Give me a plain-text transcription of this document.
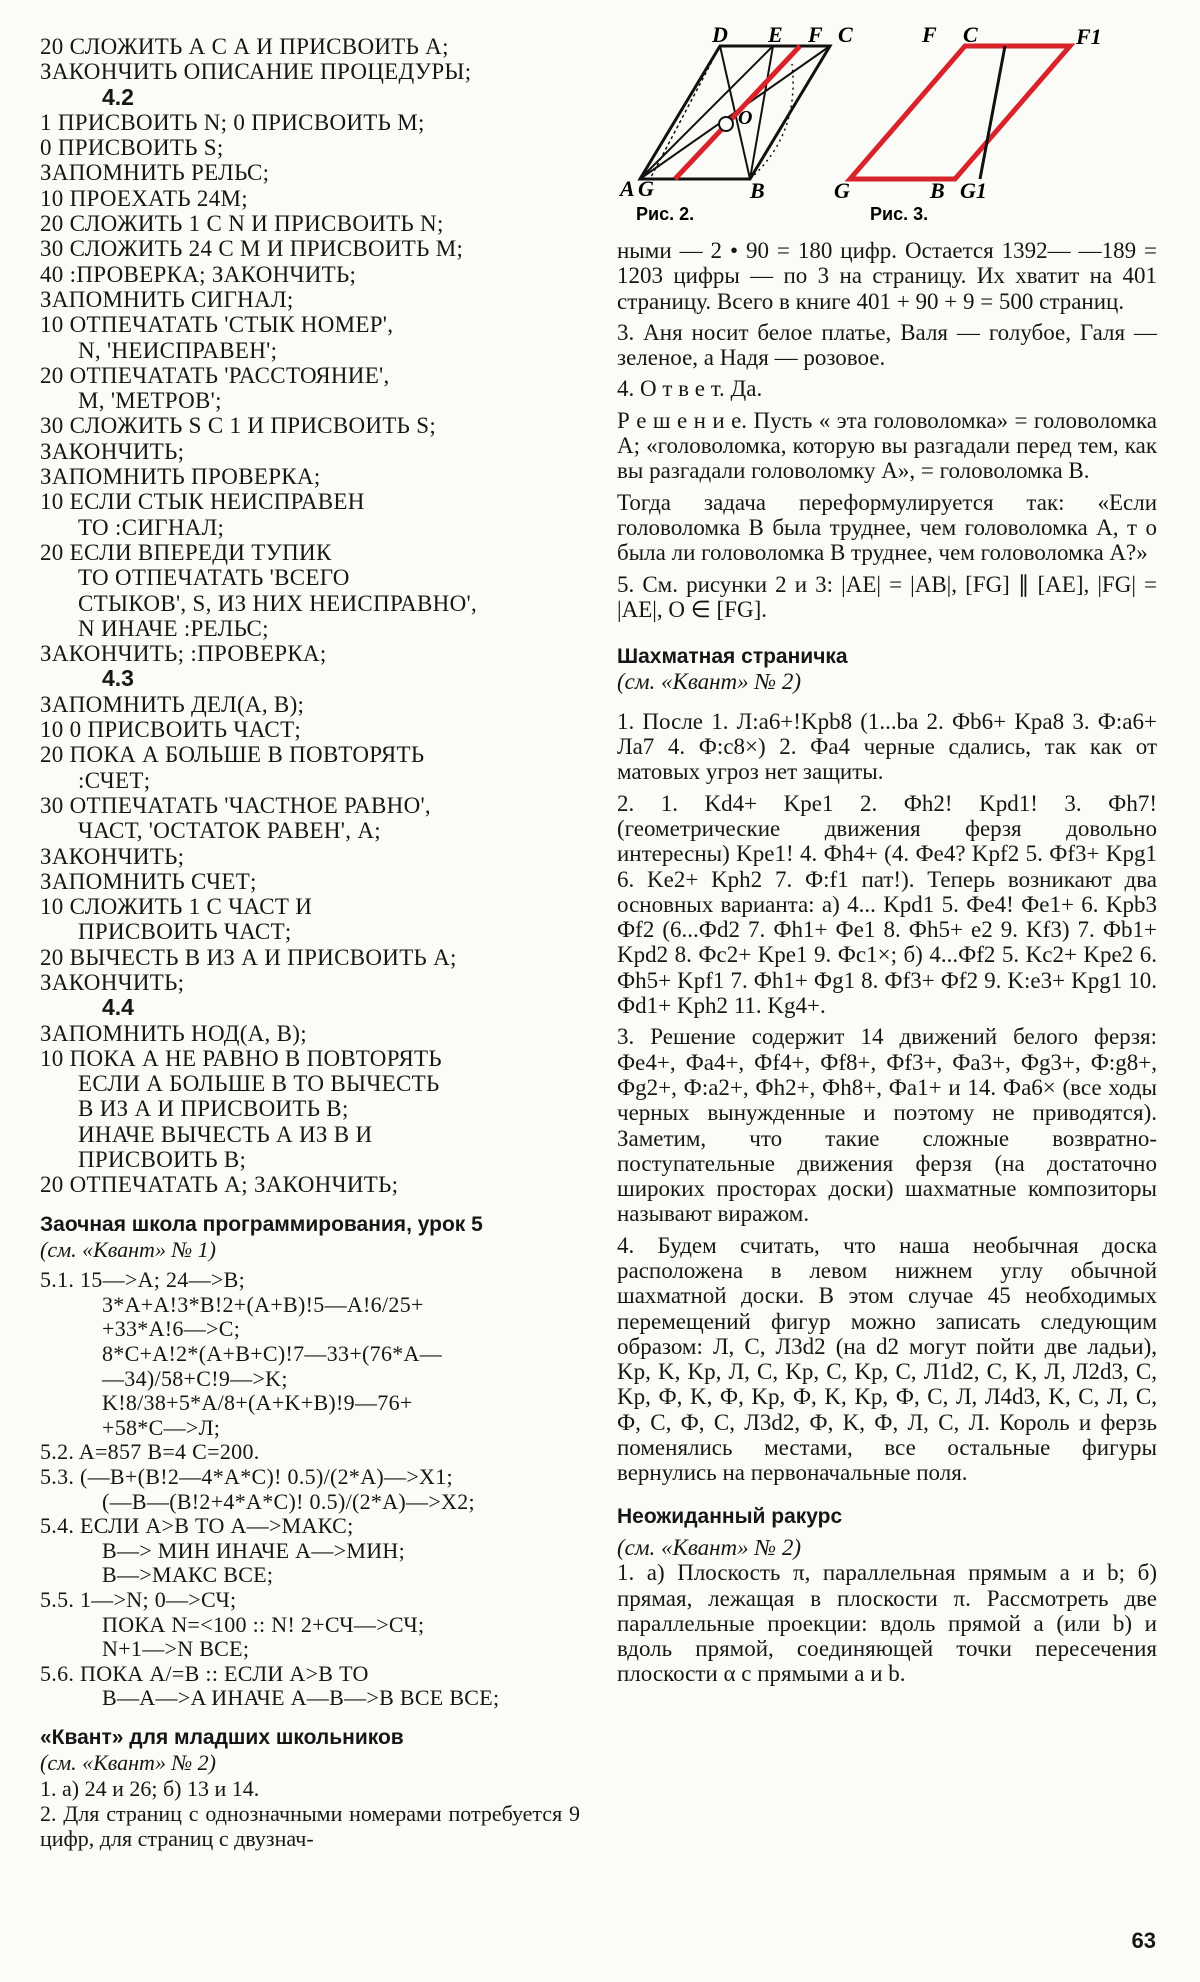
20 СЛОЖИТЬ А С А И ПРИСВОИТЬ А;
ЗАКОНЧИТЬ ОПИСАНИЕ ПРОЦЕДУРЫ;
4.2
1 ПРИСВОИТЬ N; 0 ПРИСВОИТЬ M;
0 ПРИСВОИТЬ S;
ЗАПОМНИТЬ РЕЛЬС;
10 ПРОЕХАТЬ 24M;
20 СЛОЖИТЬ 1 С N И ПРИСВОИТЬ N;
30 СЛОЖИТЬ 24 С M И ПРИСВОИТЬ M;
40 :ПРОВЕРКА; ЗАКОНЧИТЬ;
ЗАПОМНИТЬ СИГНАЛ;
10 ОТПЕЧАТАТЬ 'СТЫК НОМЕР',
N, 'НЕИСПРАВЕН';
20 ОТПЕЧАТАТЬ 'РАССТОЯНИЕ',
M, 'МЕТРОВ';
30 СЛОЖИТЬ S С 1 И ПРИСВОИТЬ S;
ЗАКОНЧИТЬ;
ЗАПОМНИТЬ ПРОВЕРКА;
10 ЕСЛИ СТЫК НЕИСПРАВЕН
ТО :СИГНАЛ;
20 ЕСЛИ ВПЕРЕДИ ТУПИК
ТО ОТПЕЧАТАТЬ 'ВСЕГО
СТЫКОВ', S, ИЗ НИХ НЕИСПРАВНО',
N ИНАЧЕ :РЕЛЬС;
ЗАКОНЧИТЬ; :ПРОВЕРКА;
4.3
ЗАПОМНИТЬ ДЕЛ(А, В);
10 0 ПРИСВОИТЬ ЧАСТ;
20 ПОКА А БОЛЬШЕ В ПОВТОРЯТЬ
:СЧЕТ;
30 ОТПЕЧАТАТЬ 'ЧАСТНОЕ РАВНО',
ЧАСТ, 'ОСТАТОК РАВЕН', А;
ЗАКОНЧИТЬ;
ЗАПОМНИТЬ СЧЕТ;
10 СЛОЖИТЬ 1 С ЧАСТ И
ПРИСВОИТЬ ЧАСТ;
20 ВЫЧЕСТЬ В ИЗ А И ПРИСВОИТЬ А;
ЗАКОНЧИТЬ;
4.4
ЗАПОМНИТЬ НОД(А, В);
10 ПОКА А НЕ РАВНО В ПОВТОРЯТЬ
ЕСЛИ А БОЛЬШЕ В ТО ВЫЧЕСТЬ
В ИЗ А И ПРИСВОИТЬ В;
ИНАЧЕ ВЫЧЕСТЬ А ИЗ В И
ПРИСВОИТЬ В;
20 ОТПЕЧАТАТЬ А; ЗАКОНЧИТЬ;
Заочная школа программирования, урок 5
(см. «Квант» № 1)
5.1. 15—>A; 24—>B;
3*A+A!3*B!2+(A+B)!5—A!6/25+
+33*A!6—>C;
8*C+A!2*(A+B+C)!7—33+(76*A—
—34)/58+C!9—>K;
K!8/38+5*A/8+(A+K+B)!9—76+
+58*C—>Л;
5.2. A=857 B=4 C=200.
5.3. (—B+(B!2—4*A*C)! 0.5)/(2*A)—>X1;
(—B—(B!2+4*A*C)! 0.5)/(2*A)—>X2;
5.4. ЕСЛИ A>B ТО A—>МАКС;
B—> МИН ИНАЧЕ A—>МИН;
B—>МАКС ВСЕ;
5.5. 1—>N; 0—>СЧ;
ПОКА N=<100 :: N! 2+СЧ—>СЧ;
N+1—>N ВСЕ;
5.6. ПОКА A/=B :: ЕСЛИ A>B ТО
B—A—>A ИНАЧЕ A—B—>B ВСЕ ВСЕ;
«Квант» для младших школьников
(см. «Квант» № 2)
1. а) 24 и 26; б) 13 и 14.
2. Для страниц с однозначными номерами потребуется 9 цифр, для страниц с двузнач-
D E F C
A G	B
O
Рис. 2.
F C	F1
G	B G1
Рис. 3.

ными — 2 • 90 = 180 цифр. Остается 1392— —189 = 1203 цифры — по 3 на страницу. Их хватит на 401 страницу. Всего в книге 401 + 90 + 9 = 500 страниц.

3. Аня носит белое платье, Валя — голубое, Галя — зеленое, а Надя — розовое.

4. О т в е т. Да.

Р е ш е н и е. Пусть « эта головоломка» = головоломка A; «головоломка, которую вы разгадали перед тем, как вы разгадали головоломку A», = головоломка B.

Тогда задача переформулируется так: «Если головоломка B была труднее, чем головоломка A, т о была ли головоломка B труднее, чем головоломка A?»

5. См. рисунки 2 и 3: |AE| = |AB|, [FG] ∥ [AE], |FG| = |AE|, O ∈ [FG].

Шахматная страничка
(см. «Квант» № 2)

1. После 1. Л:a6+!Kpb8 (1...ba 2. Фb6+ Kpa8 3. Ф:a6+ Лa7 4. Ф:c8×) 2. Фa4 черные сдались, так как от матовых угроз нет защиты.

2. 1. Kd4+ Kpe1 2. Фh2! Kpd1! 3. Фh7! (геометрические движения ферзя довольно интересны) Kpe1! 4. Фh4+ (4. Фe4? Kpf2 5. Фf3+ Kpg1 6. Ke2+ Kph2 7. Ф:f1 пат!). Теперь возникают два основных варианта: а) 4... Kpd1 5. Фe4! Фe1+ 6. Kpb3 Фf2 (6...Фd2 7. Фh1+ Фe1 8. Фh5+ e2 9. Kf3) 7. Фb1+ Kpd2 8. Фc2+ Kpe1 9. Фc1×; б) 4...Фf2 5. Kc2+ Kpe2 6. Фh5+ Kpf1 7. Фh1+ Фg1 8. Фf3+ Фf2 9. K:e3+ Kpg1 10. Фd1+ Kph2 11. Kg4+.

3. Решение содержит 14 движений белого ферзя: Фe4+, Фa4+, Фf4+, Фf8+, Фf3+, Фa3+, Фg3+, Ф:g8+, Фg2+, Ф:a2+, Фh2+, Фh8+, Фa1+ и 14. Фa6× (все ходы черных вынужденные и поэтому не приводятся). Заметим, что такие сложные возвратно-поступательные движения ферзя (на достаточно широких просторах доски) шахматные композиторы называют виражом.

4. Будем считать, что наша необычная доска расположена в левом нижнем углу обычной шахматной доски. В этом случае 45 необходимых перемещений фигур можно записать следующим образом: Л, С, Л3d2 (на d2 могут пойти две ладьи), Kp, K, Kp, Л, С, Kp, С, Kp, С, Л1d2, С, K, Л, Л2d3, С, Kp, Ф, K, Ф, Kp, Ф, K, Kp, Ф, С, Л, Л4d3, K, С, Л, С, Ф, С, Ф, С, Л3d2, Ф, K, Ф, Л, С, Л. Король и ферзь поменялись местами, все остальные фигуры вернулись на первоначальные поля.

Неожиданный ракурс
(см. «Квант» № 2)

1. а) Плоскость π, параллельная прямым a и b; б) прямая, лежащая в плоскости π. Рассмотреть две параллельные проекции: вдоль прямой a (или b) и вдоль прямой, соединяющей точки пересечения плоскости α с прямыми a и b.

63
